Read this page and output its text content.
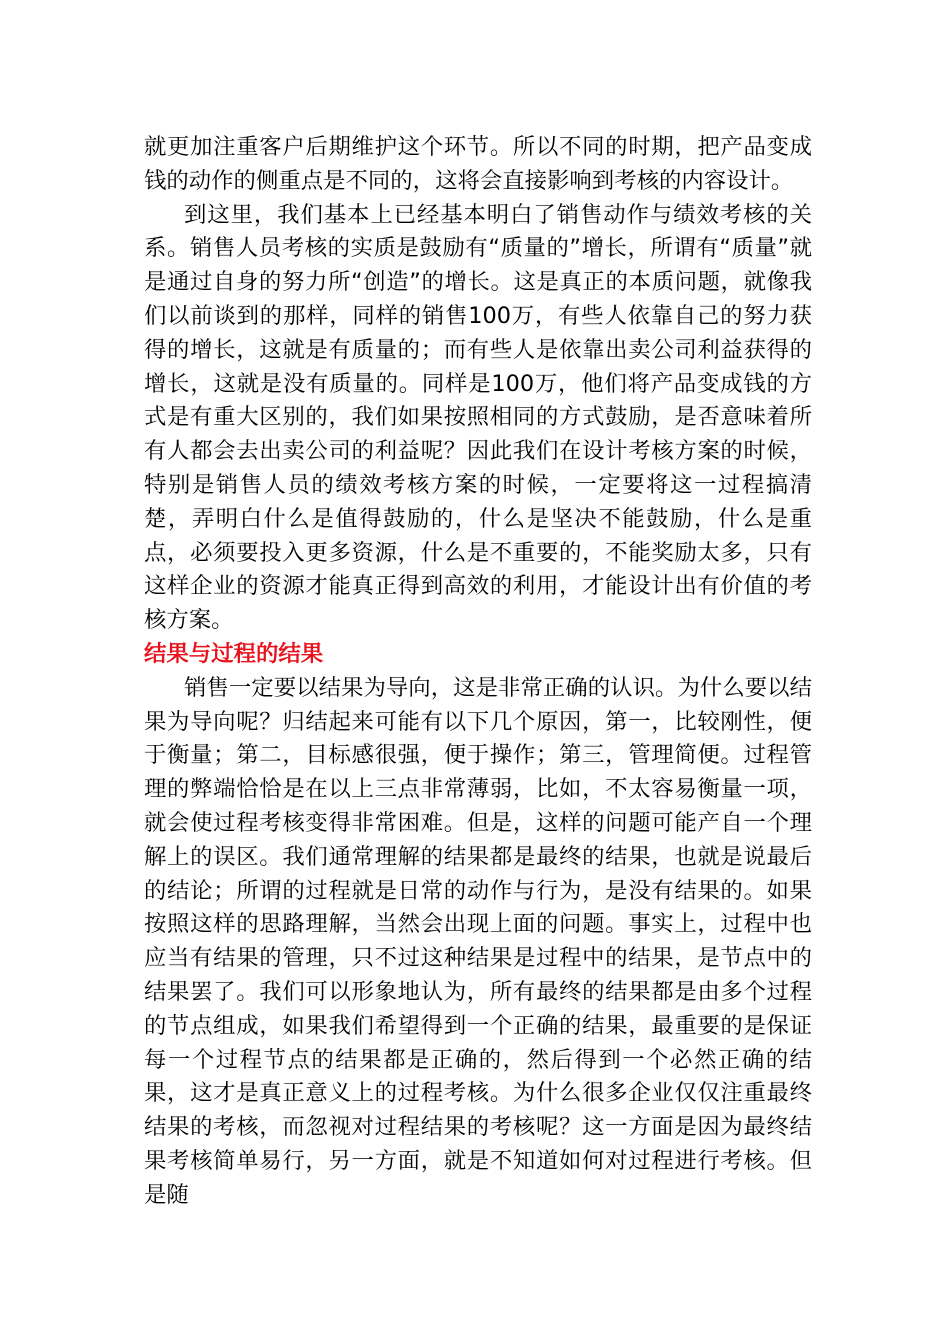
就更加注重客户后期维护这个环节。所以不同的时期，把产品变成钱的动作的侧重点是不同的，这将会直接影响到考核的内容设计。

到这里，我们基本上已经基本明白了销售动作与绩效考核的关系。销售人员考核的实质是鼓励有“质量的”增长，所谓有“质量”就是通过自身的努力所“创造”的增长。这是真正的本质问题，就像我们以前谈到的那样，同样的销售100万，有些人依靠自己的努力获得的增长，这就是有质量的；而有些人是依靠出卖公司利益获得的增长，这就是没有质量的。同样是100万，他们将产品变成钱的方式是有重大区别的，我们如果按照相同的方式鼓励，是否意味着所有人都会去出卖公司的利益呢？因此我们在设计考核方案的时候，特别是销售人员的绩效考核方案的时候，一定要将这一过程搞清楚，弄明白什么是值得鼓励的，什么是坚决不能鼓励，什么是重点，必须要投入更多资源，什么是不重要的，不能奖励太多，只有这样企业的资源才能真正得到高效的利用，才能设计出有价值的考核方案。

结果与过程的结果

销售一定要以结果为导向，这是非常正确的认识。为什么要以结果为导向呢？归结起来可能有以下几个原因，第一，比较刚性，便于衡量；第二，目标感很强，便于操作；第三，管理简便。过程管理的弊端恰恰是在以上三点非常薄弱，比如，不太容易衡量一项，就会使过程考核变得非常困难。但是，这样的问题可能产自一个理解上的误区。我们通常理解的结果都是最终的结果，也就是说最后的结论；所谓的过程就是日常的动作与行为，是没有结果的。如果按照这样的思路理解，当然会出现上面的问题。事实上，过程中也应当有结果的管理，只不过这种结果是过程中的结果，是节点中的结果罢了。我们可以形象地认为，所有最终的结果都是由多个过程的节点组成，如果我们希望得到一个正确的结果，最重要的是保证每一个过程节点的结果都是正确的，然后得到一个必然正确的结果，这才是真正意义上的过程考核。为什么很多企业仅仅注重最终结果的考核，而忽视对过程结果的考核呢？这一方面是因为最终结果考核简单易行，另一方面，就是不知道如何对过程进行考核。但是随
